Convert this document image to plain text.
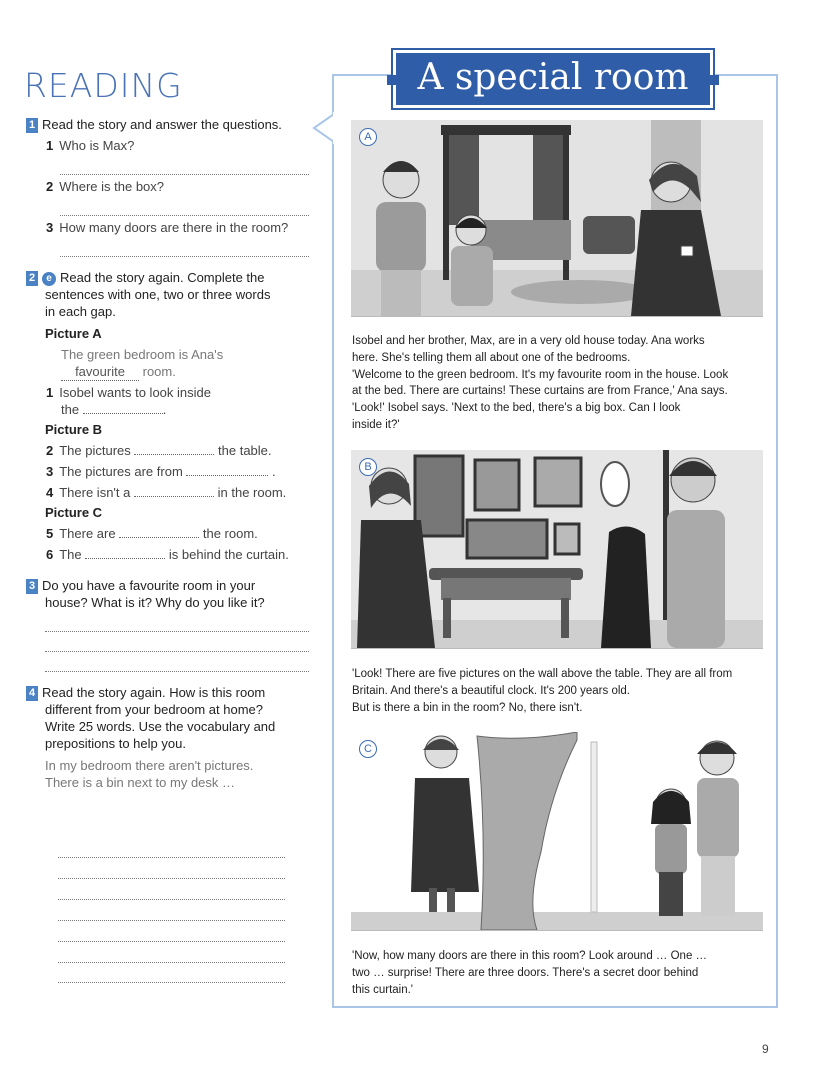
READING
1 Read the story and answer the questions.
1 Who is Max?
2 Where is the box?
3 How many doors are there in the room?
2 e Read the story again. Complete the
sentences with one, two or three words
in each gap.
Picture A
The green bedroom is Ana's
favourite room.
1 Isobel wants to look inside
the	.
Picture B
2 The pictures	the table.
3 The pictures are from	.
4 There isn't a	in the room.
Picture C
5 There are	the room.
6 The	is behind the curtain.
3 Do you have a favourite room in your
house? What is it? Why do you like it?
4 Read the story again. How is this room
different from your bedroom at home?
Write 25 words. Use the vocabulary and
prepositions to help you.
In my bedroom there aren't pictures.
There is a bin next to my desk …
A special room
A
Isobel and her brother, Max, are in a very old house today. Ana works
here. She's telling them all about one of the bedrooms.
'Welcome to the green bedroom. It's my favourite room in the house. Look
at the bed. There are curtains! These curtains are from France,' Ana says.
'Look!' Isobel says. 'Next to the bed, there's a big box. Can I look
inside it?'
B
'Look! There are five pictures on the wall above the table. They are all from
Britain. And there's a beautiful clock. It's 200 years old.
But is there a bin in the room? No, there isn't.
C
'Now, how many doors are there in this room? Look around … One …
two … surprise! There are three doors. There's a secret door behind
this curtain.'
9
